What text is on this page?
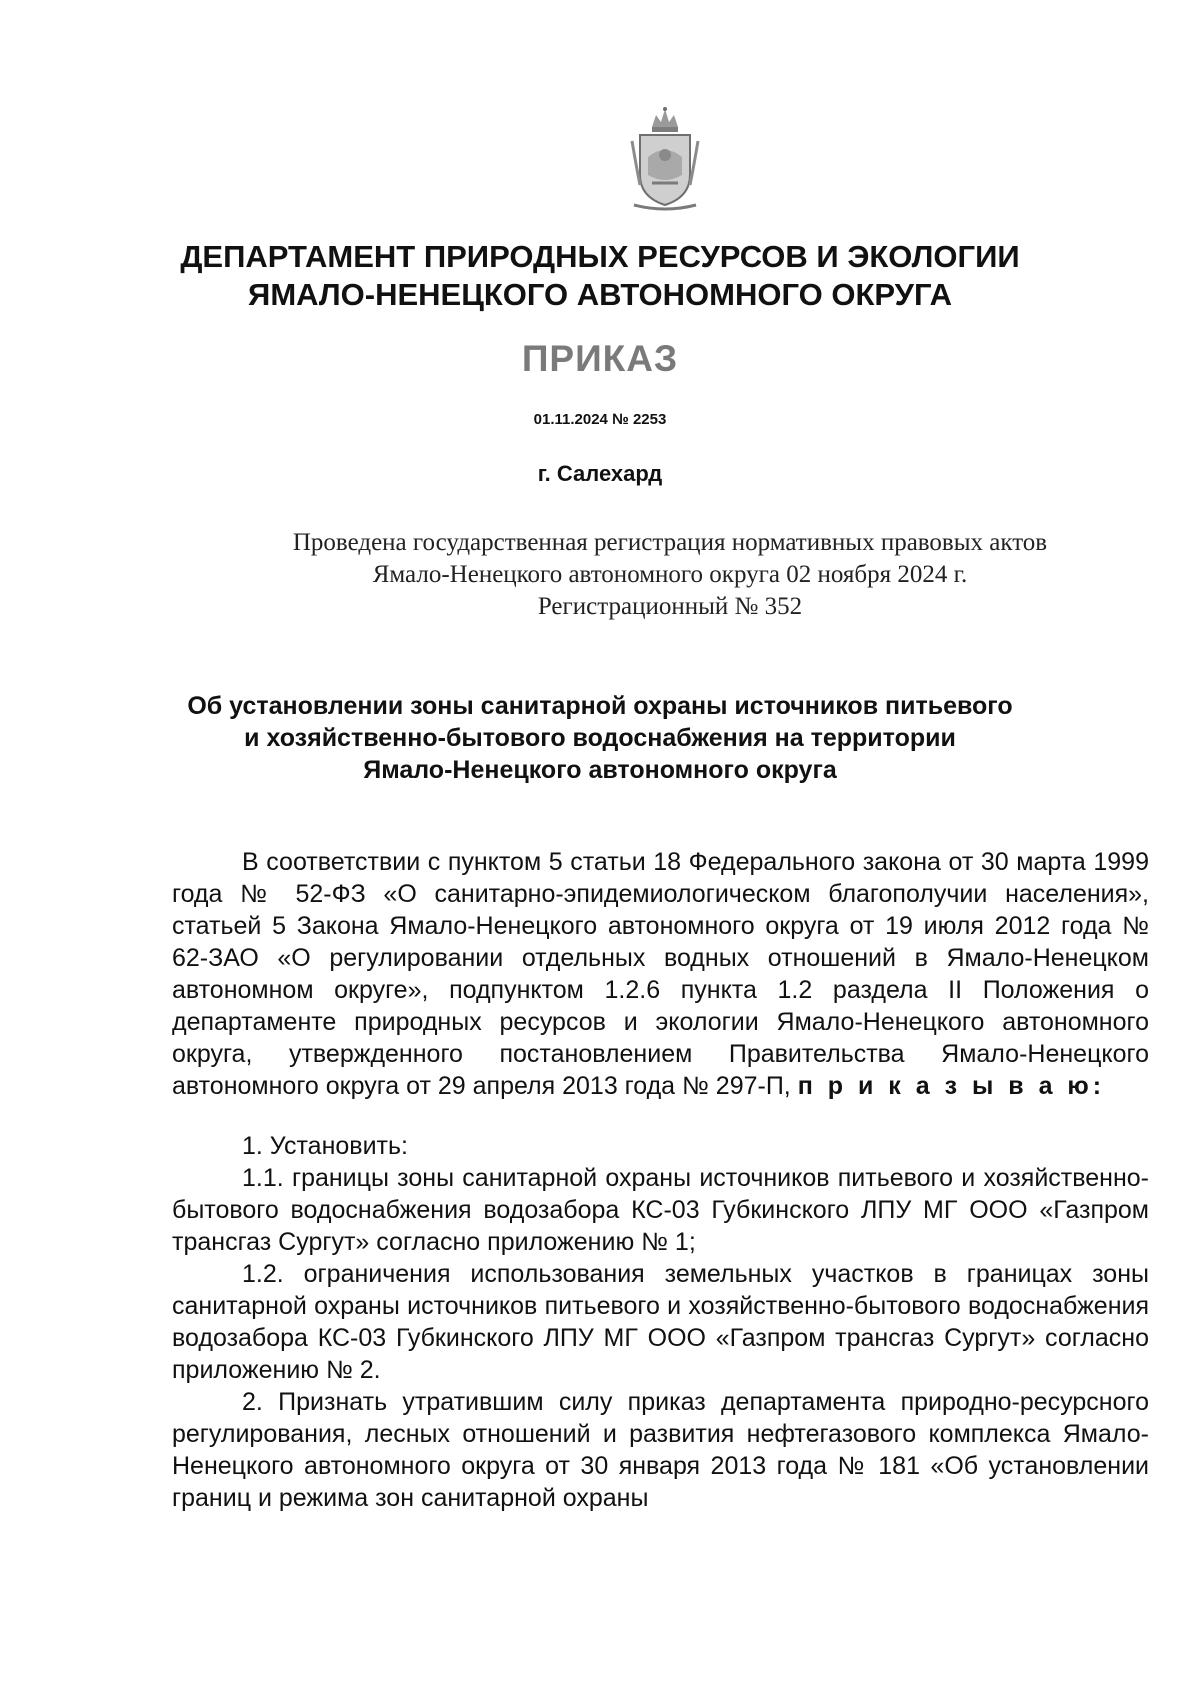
ДЕПАРТАМЕНТ ПРИРОДНЫХ РЕСУРСОВ И ЭКОЛОГИИ
ЯМАЛО-НЕНЕЦКОГО АВТОНОМНОГО ОКРУГА
ПРИКАЗ
01.11.2024 № 2253
г. Салехард
Проведена государственная регистрация нормативных правовых актов
Ямало-Ненецкого автономного округа 02 ноября 2024 г.
Регистрационный № 352
Об установлении зоны санитарной охраны источников питьевого
и хозяйственно-бытового водоснабжения на территории
Ямало-Ненецкого автономного округа

В соответствии с пунктом 5 статьи 18 Федерального закона от 30 марта 1999 года № 52-ФЗ «О санитарно-эпидемиологическом благополучии населения», статьей 5 Закона Ямало-Ненецкого автономного округа от 19 июля 2012 года № 62-ЗАО «О регулировании отдельных водных отношений в Ямало-Ненецком автономном округе», подпунктом 1.2.6 пункта 1.2 раздела II Положения о департаменте природных ресурсов и экологии Ямало-Ненецкого автономного округа, утвержденного постановлением Правительства Ямало-Ненецкого автономного округа от 29 апреля 2013 года № 297-П, п р и к а з ы в а ю:

1. Установить:

1.1. границы зоны санитарной охраны источников питьевого и хозяйственно-бытового водоснабжения водозабора КС-03 Губкинского ЛПУ МГ ООО «Газпром трансгаз Сургут» согласно приложению № 1;

1.2. ограничения использования земельных участков в границах зоны санитарной охраны источников питьевого и хозяйственно-бытового водоснабжения водозабора КС-03 Губкинского ЛПУ МГ ООО «Газпром трансгаз Сургут» согласно приложению № 2.

2. Признать утратившим силу приказ департамента природно-ресурсного регулирования, лесных отношений и развития нефтегазового комплекса Ямало-Ненецкого автономного округа от 30 января 2013 года № 181 «Об установлении границ и режима зон санитарной охраны
